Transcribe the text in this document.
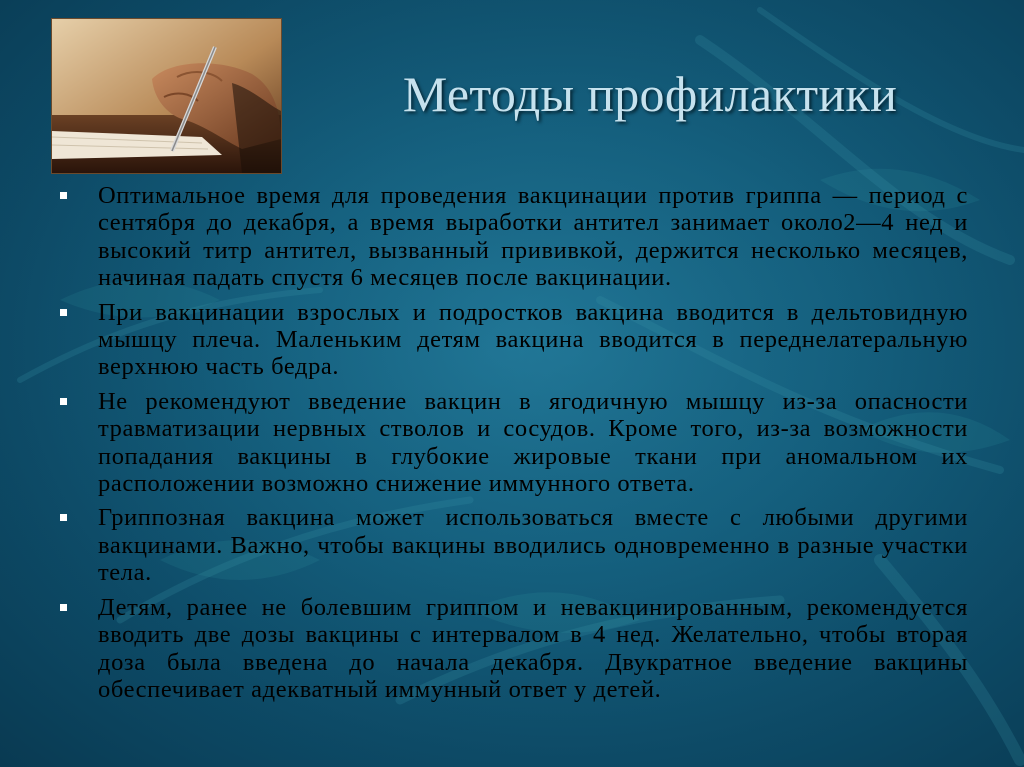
Методы профилактики
Оптимальное время для проведения вакцинации против гриппа — период с сентября до декабря, а время выработки антител занимает около2—4 нед и высокий титр антител, вызванный прививкой, держится несколько месяцев, начиная падать спустя 6 месяцев после вакцинации.
При вакцинации взрослых и подростков вакцина вводится в дельтовидную мышцу плеча. Маленьким детям вакцина вводится в переднелатеральную верхнюю часть бедра.
Не рекомендуют введение вакцин в ягодичную мышцу из-за опасности травматизации нервных стволов и сосудов. Кроме того, из-за возможности попадания вакцины в глубокие жировые ткани при аномальном их расположении возможно снижение иммунного ответа.
Гриппозная вакцина может использоваться вместе с любыми другими вакцинами. Важно, чтобы вакцины вводились одновременно в разные участки тела.
Детям, ранее не болевшим гриппом и невакцинированным, рекомендуется вводить две дозы вакцины с интервалом в 4 нед. Желательно, чтобы вторая доза была введена до начала декабря. Двукратное введение вакцины обеспечивает адекватный иммунный ответ у детей.
